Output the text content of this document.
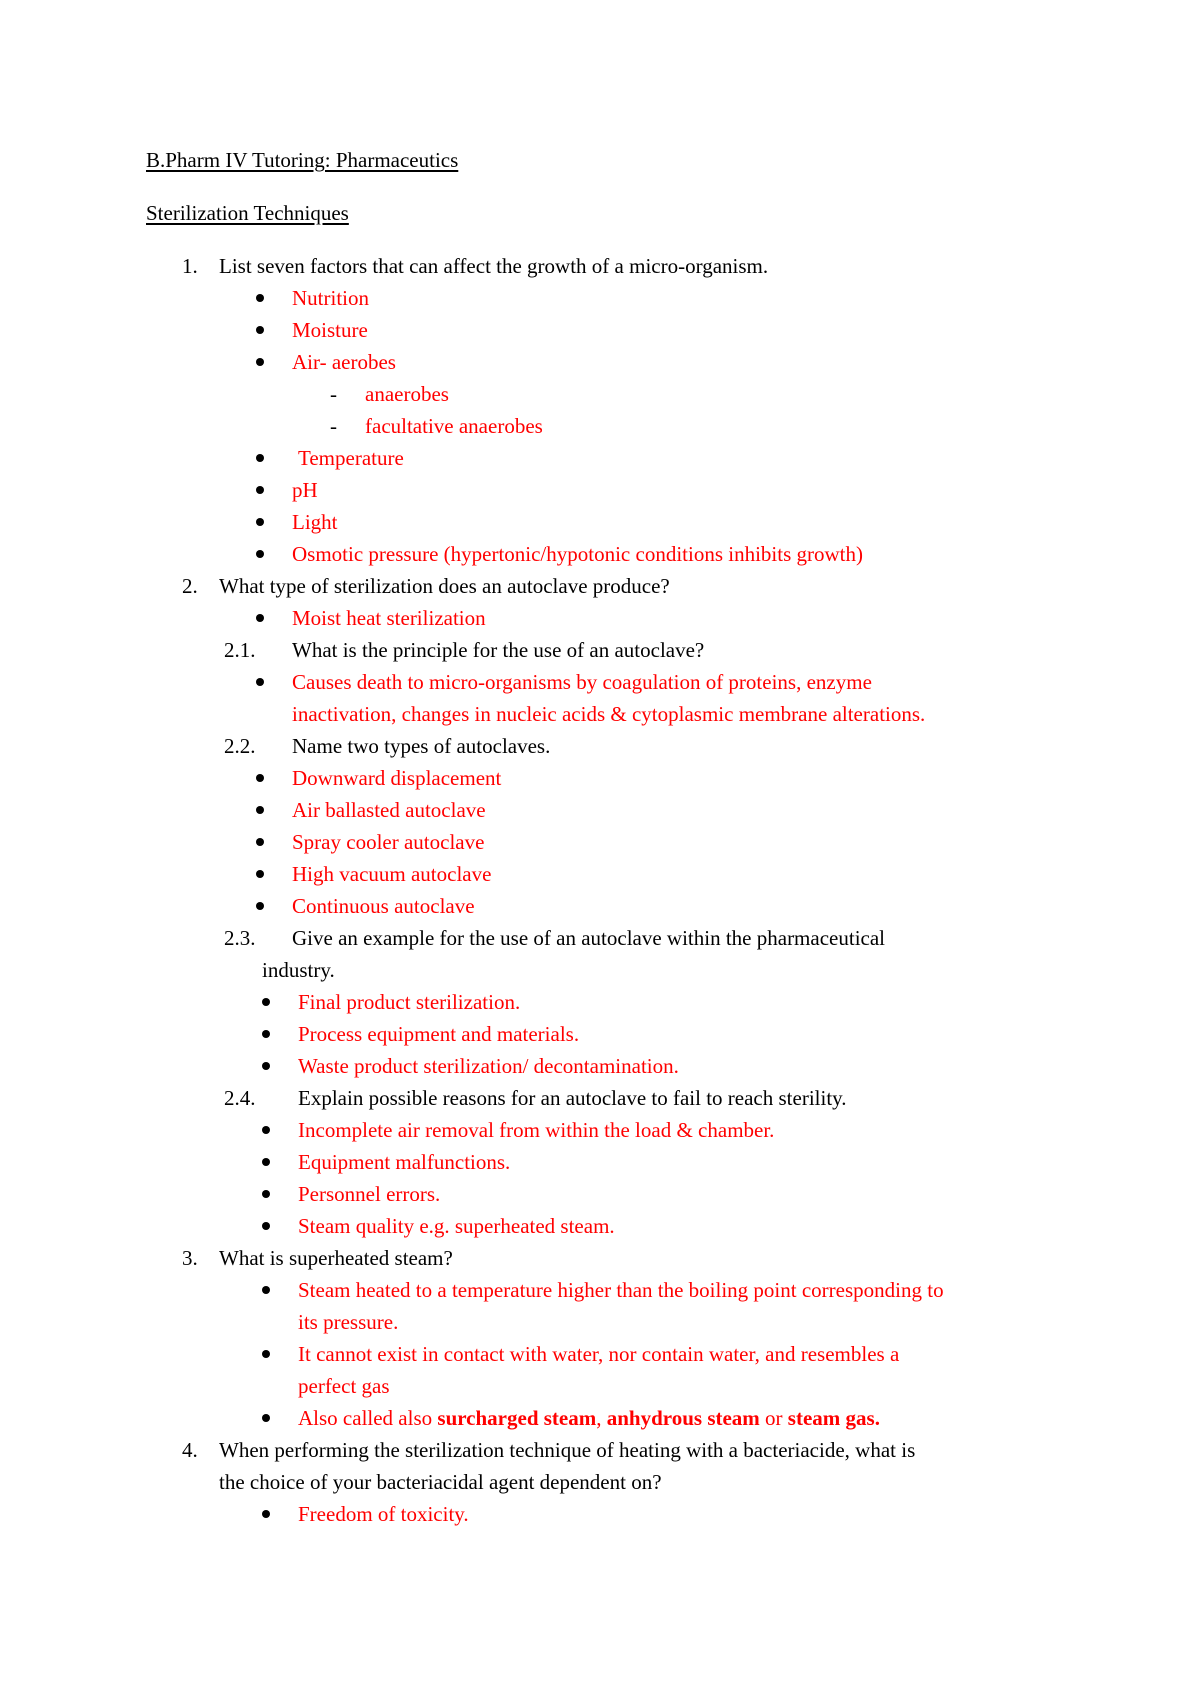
B.Pharm IV Tutoring: Pharmaceutics
Sterilization Techniques
1. List seven factors that can affect the growth of a micro-organism.
Nutrition
Moisture
Air- aerobes
- anaerobes
- facultative anaerobes
Temperature
pH
Light
Osmotic pressure (hypertonic/hypotonic conditions inhibits growth)
2. What type of sterilization does an autoclave produce?
Moist heat sterilization
2.1. What is the principle for the use of an autoclave?
Causes death to micro-organisms by coagulation of proteins, enzyme
inactivation, changes in nucleic acids & cytoplasmic membrane alterations.
2.2. Name two types of autoclaves.
Downward displacement
Air ballasted autoclave
Spray cooler autoclave
High vacuum autoclave
Continuous autoclave
2.3. Give an example for the use of an autoclave within the pharmaceutical
industry.
Final product sterilization.
Process equipment and materials.
Waste product sterilization/ decontamination.
2.4. Explain possible reasons for an autoclave to fail to reach sterility.
Incomplete air removal from within the load & chamber.
Equipment malfunctions.
Personnel errors.
Steam quality e.g. superheated steam.
3. What is superheated steam?
Steam heated to a temperature higher than the boiling point corresponding to
its pressure.
It cannot exist in contact with water, nor contain water, and resembles a
perfect gas
Also called also surcharged steam, anhydrous steam or steam gas.
4. When performing the sterilization technique of heating with a bacteriacide, what is
the choice of your bacteriacidal agent dependent on?
Freedom of toxicity.
